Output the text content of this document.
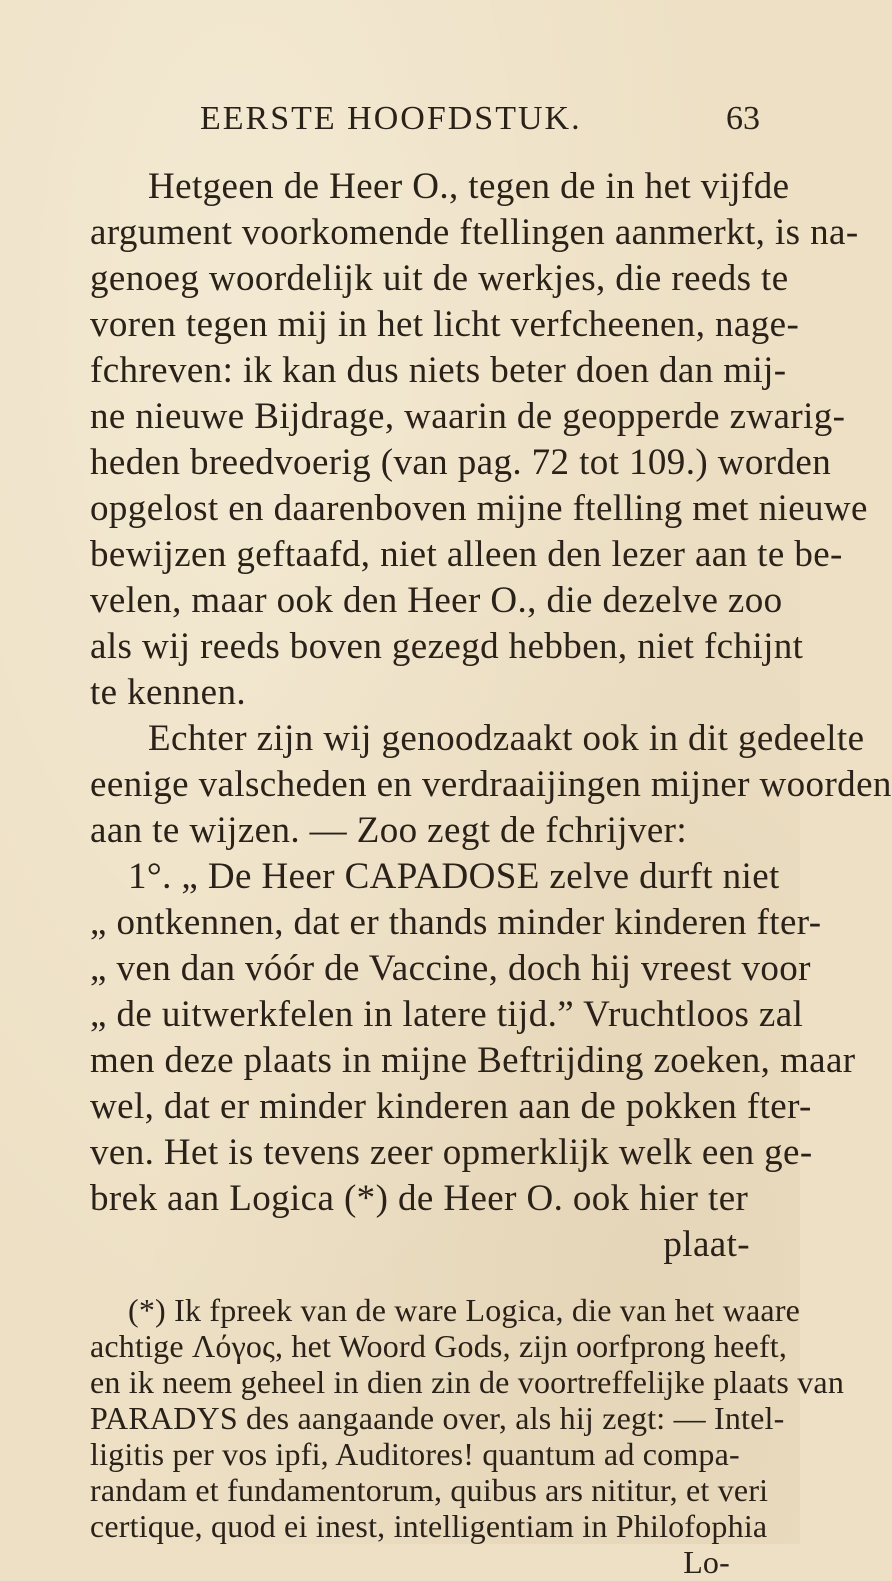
EERSTE HOOFDSTUK.	63
Hetgeen de Heer O., tegen de in het vijfde
argument voorkomende ftellingen aanmerkt, is na-
genoeg woordelijk uit de werkjes, die reeds te
voren tegen mij in het licht verfcheenen, nage-
fchreven: ik kan dus niets beter doen dan mij-
ne nieuwe Bijdrage, waarin de geopperde zwarig-
heden breedvoerig (van pag. 72 tot 109.) worden
opgelost en daarenboven mijne ftelling met nieuwe
bewijzen geftaafd, niet alleen den lezer aan te be-
velen, maar ook den Heer O., die dezelve zoo
als wij reeds boven gezegd hebben, niet fchijnt
te kennen.
Echter zijn wij genoodzaakt ook in dit gedeelte
eenige valscheden en verdraaijingen mijner woorden
aan te wijzen. — Zoo zegt de fchrijver:
1°. „ De Heer CAPADOSE zelve durft niet
„ ontkennen, dat er thands minder kinderen fter-
„ ven dan vóór de Vaccine, doch hij vreest voor
„ de uitwerkfelen in latere tijd.” Vruchtloos zal
men deze plaats in mijne Beftrijding zoeken, maar
wel, dat er minder kinderen aan de pokken fter-
ven. Het is tevens zeer opmerklijk welk een ge-
brek aan Logica (*) de Heer O. ook hier ter
plaat-
(*) Ik fpreek van de ware Logica, die van het waare
achtige Λόγος, het Woord Gods, zijn oorfprong heeft,
en ik neem geheel in dien zin de voortreffelijke plaats van
PARADYS des aangaande over, als hij zegt: — Intel-
ligitis per vos ipfi, Auditores! quantum ad compa-
randam et fundamentorum, quibus ars nititur, et veri
certique, quod ei inest, intelligentiam in Philofophia
Lo-
